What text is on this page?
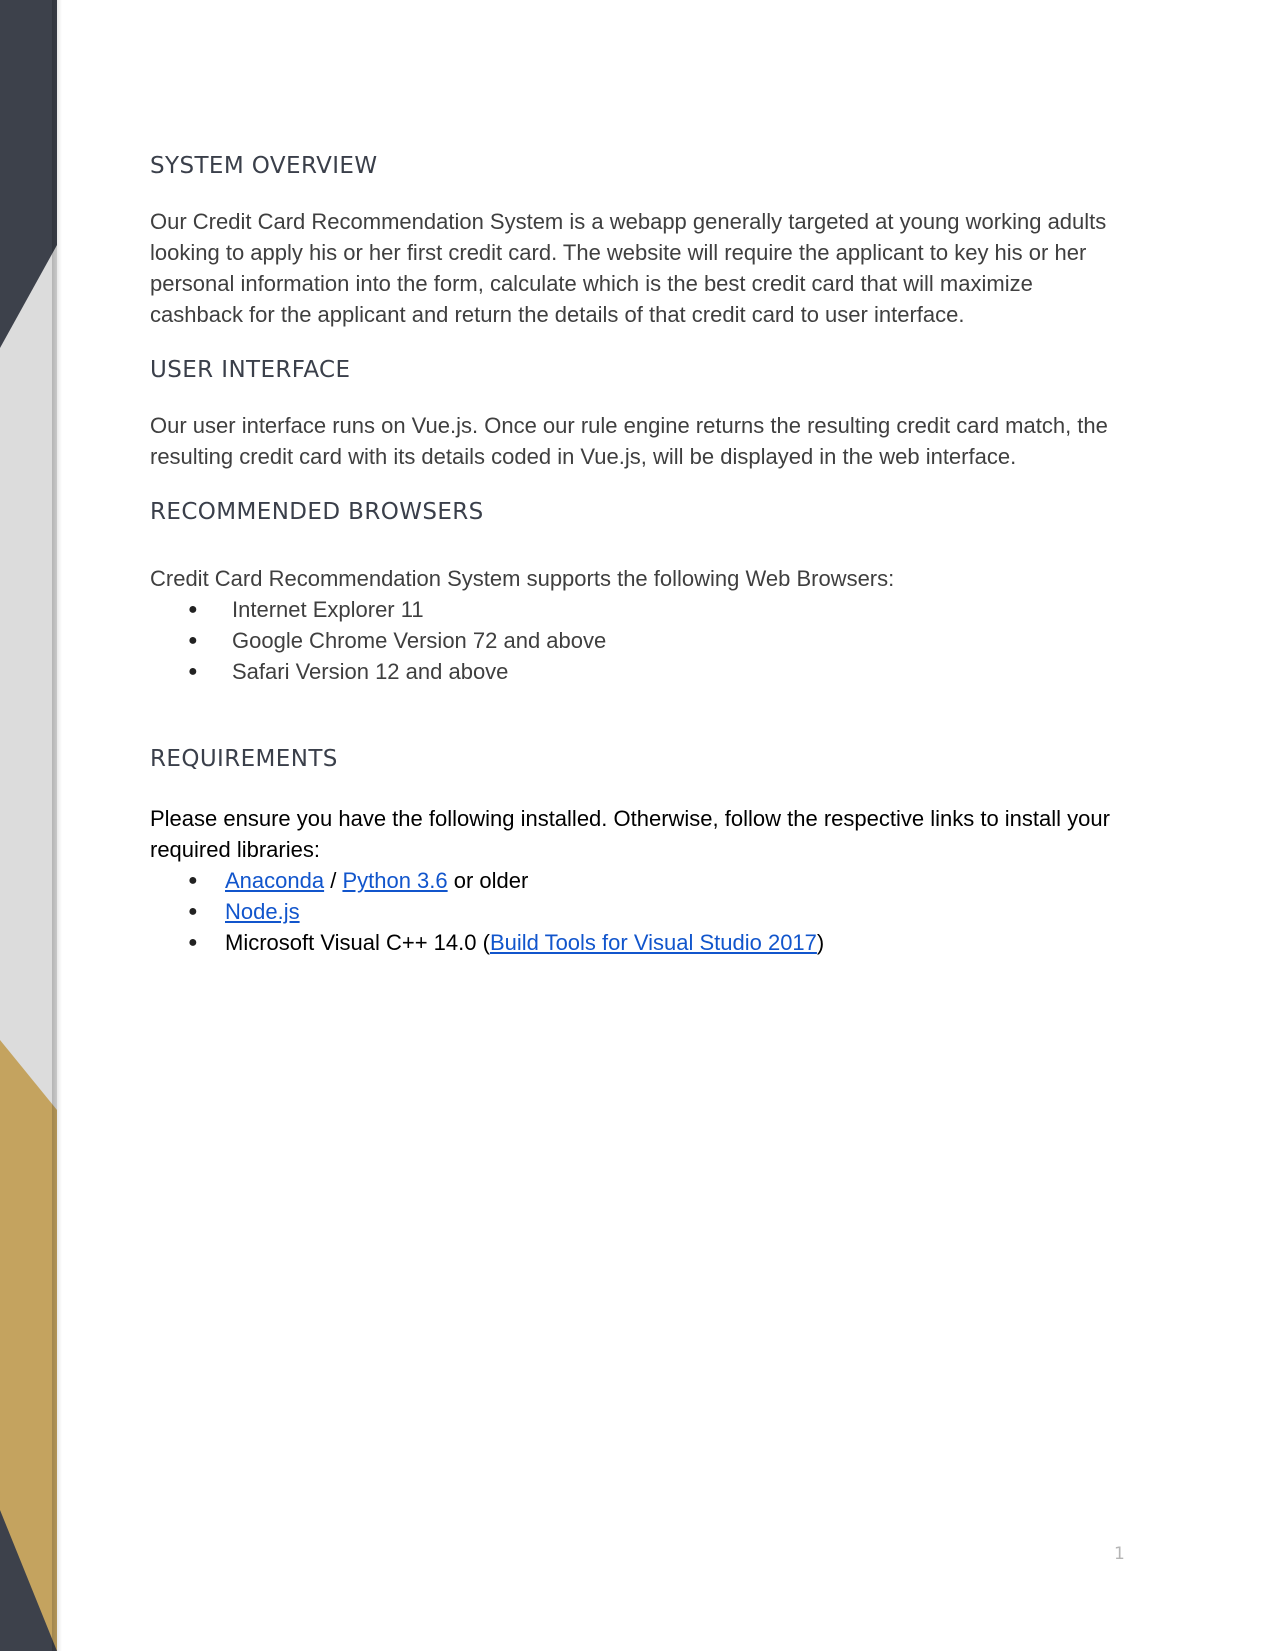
SYSTEM OVERVIEW

Our Credit Card Recommendation System is a webapp generally targeted at young working adults looking to apply his or her first credit card. The website will require the applicant to key his or her personal information into the form, calculate which is the best credit card that will maximize cashback for the applicant and return the details of that credit card to user interface.

USER INTERFACE

Our user interface runs on Vue.js. Once our rule engine returns the resulting credit card match, the resulting credit card with its details coded in Vue.js, will be displayed in the web interface.

RECOMMENDED BROWSERS

Credit Card Recommendation System supports the following Web Browsers:

● Internet Explorer 11
● Google Chrome Version 72 and above
● Safari Version 12 and above
REQUIREMENTS

Please ensure you have the following installed. Otherwise, follow the respective links to install your required libraries:

● Anaconda / Python 3.6 or older
● Node.js
● Microsoft Visual C++ 14.0 (Build Tools for Visual Studio 2017)
1
